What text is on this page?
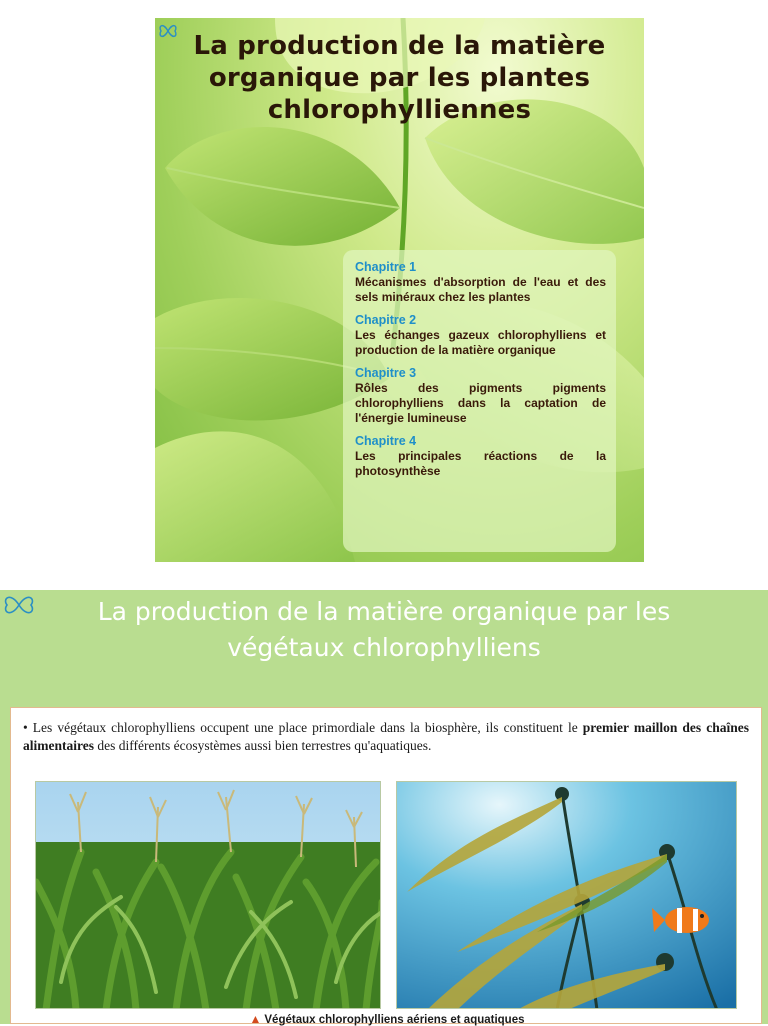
La production de la matière
organique par les plantes
chlorophylliennes
Chapitre 1
Mécanismes d'absorption de l'eau et des sels minéraux chez les plantes
Chapitre 2
Les échanges gazeux chlorophylliens et production de la matière organique
Chapitre 3
Rôles des pigments pigments chlorophylliens dans la captation de l'énergie lumineuse
Chapitre 4
Les principales réactions de la photosynthèse
La production de la matière organique par les
végétaux chlorophylliens
• Les végétaux chlorophylliens occupent une place primordiale dans la biosphère, ils constituent le premier maillon des chaînes alimentaires des différents écosystèmes aussi bien terrestres qu'aquatiques.
▲ Végétaux chlorophylliens aériens et aquatiques
